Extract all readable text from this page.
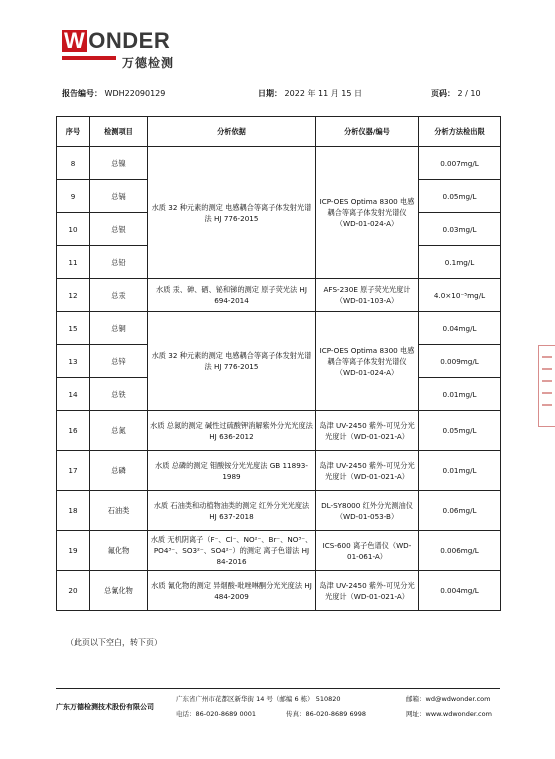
W ONDER
万德检测
报告编号： WDH22090129	日期： 2022 年 11 月 15 日	页码： 2 / 10
序号	检测项目	分析依据	分析仪器/编号	分析方法检出限
8	总镍	水质 32 种元素的测定 电感耦合等离子体发射光谱法 HJ 776-2015	ICP-OES Optima 8300 电感耦合等离子体发射光谱仪（WD-01-024-A）	0.007mg/L
9	总镉			0.05mg/L
10	总银			0.03mg/L
11	总铅			0.1mg/L
12	总汞	水质 汞、砷、硒、铋和锑的测定 原子荧光法 HJ 694-2014	AFS-230E 原子荧光光度计（WD-01-103-A）	4.0×10⁻⁵mg/L
15	总铜	水质 32 种元素的测定 电感耦合等离子体发射光谱法 HJ 776-2015	ICP-OES Optima 8300 电感耦合等离子体发射光谱仪（WD-01-024-A）	0.04mg/L
13	总锌			0.009mg/L
14	总铁			0.01mg/L
16	总氮	水质 总氮的测定 碱性过硫酸钾消解紫外分光光度法 HJ 636-2012	岛津 UV-2450 紫外-可见分光光度计（WD-01-021-A）	0.05mg/L
17	总磷	水质 总磷的测定 钼酸铵分光光度法 GB 11893-1989	岛津 UV-2450 紫外-可见分光光度计（WD-01-021-A）	0.01mg/L
18	石油类	水质 石油类和动植物油类的测定 红外分光光度法 HJ 637-2018	DL-SY8000 红外分光测油仪（WD-01-053-B）	0.06mg/L
19	氟化物	水质 无机阴离子（F⁻、Cl⁻、NO²⁻、Br⁻、NO³⁻、PO4³⁻、SO3²⁻、SO4²⁻）的测定 离子色谱法 HJ 84-2016	ICS-600 离子色谱仪（WD-01-061-A）	0.006mg/L
20	总氰化物	水质 氰化物的测定 异烟酸-吡唑啉酮分光光度法 HJ 484-2009	岛津 UV-2450 紫外-可见分光光度计（WD-01-021-A）	0.004mg/L
（此页以下空白，转下页）
广东万德检测技术股份有限公司
广东省广州市花都区新华街 14 号（邮编 6 栋） 510820
电话：86-020-8689 0001	传真：86-020-8689 6998
邮箱：wd@wdwonder.com
网址：www.wdwonder.com
